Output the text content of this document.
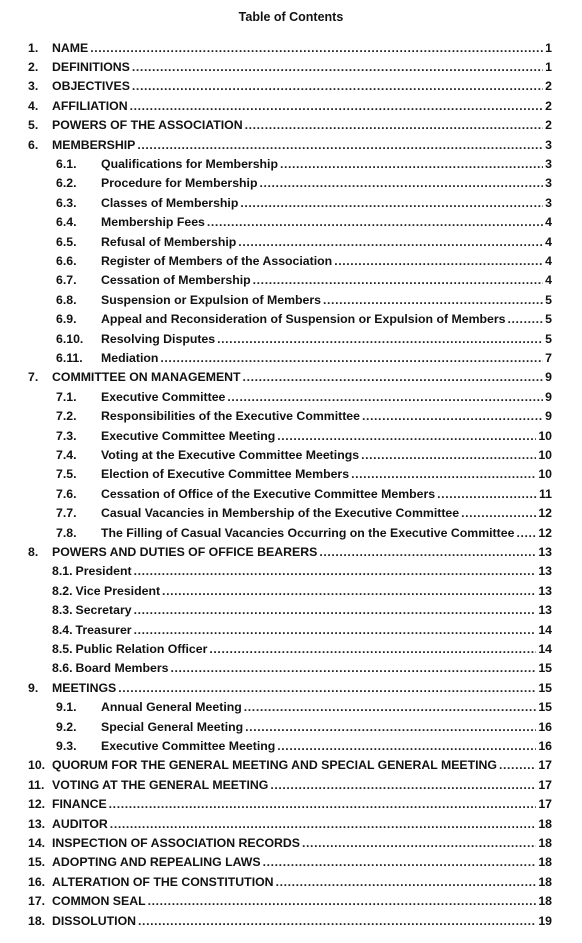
Table of Contents
1.	NAME .....	1
2.	DEFINITIONS .....	1
3.	OBJECTIVES .....	2
4.	AFFILIATION .....	2
5.	POWERS OF THE ASSOCIATION .....	2
6.	MEMBERSHIP .....	3
6.1.	Qualifications for Membership .....	3
6.2.	Procedure for Membership .....	3
6.3.	Classes of Membership .....	3
6.4.	Membership Fees .....	4
6.5.	Refusal of Membership .....	4
6.6.	Register of Members of the Association .....	4
6.7.	Cessation of Membership .....	4
6.8.	Suspension or Expulsion of Members .....	5
6.9.	Appeal and Reconsideration of Suspension or Expulsion of Members .....	5
6.10.	Resolving Disputes .....	5
6.11.	Mediation .....	7
7.	COMMITTEE ON MANAGEMENT .....	9
7.1.	Executive Committee .....	9
7.2.	Responsibilities of the Executive Committee .....	9
7.3.	Executive Committee Meeting .....	10
7.4.	Voting at the Executive Committee Meetings .....	10
7.5.	Election of Executive Committee Members .....	10
7.6.	Cessation of Office of the Executive Committee Members .....	11
7.7.	Casual Vacancies in Membership of the Executive Committee .....	12
7.8.	The Filling of Casual Vacancies Occurring on the Executive Committee ..... 12
8.	POWERS AND DUTIES OF OFFICE BEARERS .....	13
8.1. President .....	13
8.2. Vice President .....	13
8.3. Secretary .....	13
8.4. Treasurer .....	14
8.5. Public Relation Officer .....	14
8.6. Board Members .....	15
9.	MEETINGS .....	15
9.1.	Annual General Meeting .....	15
9.2.	Special General Meeting .....	16
9.3.	Executive Committee Meeting .....	16
10. QUORUM FOR THE GENERAL MEETING AND SPECIAL GENERAL MEETING .....	17
11. VOTING AT THE GENERAL MEETING .....	17
12. FINANCE .....	17
13. AUDITOR .....	18
14. INSPECTION OF ASSOCIATION RECORDS .....	18
15. ADOPTING AND REPEALING LAWS .....	18
16. ALTERATION OF THE CONSTITUTION .....	18
17. COMMON SEAL .....	18
18. DISSOLUTION .....	19
